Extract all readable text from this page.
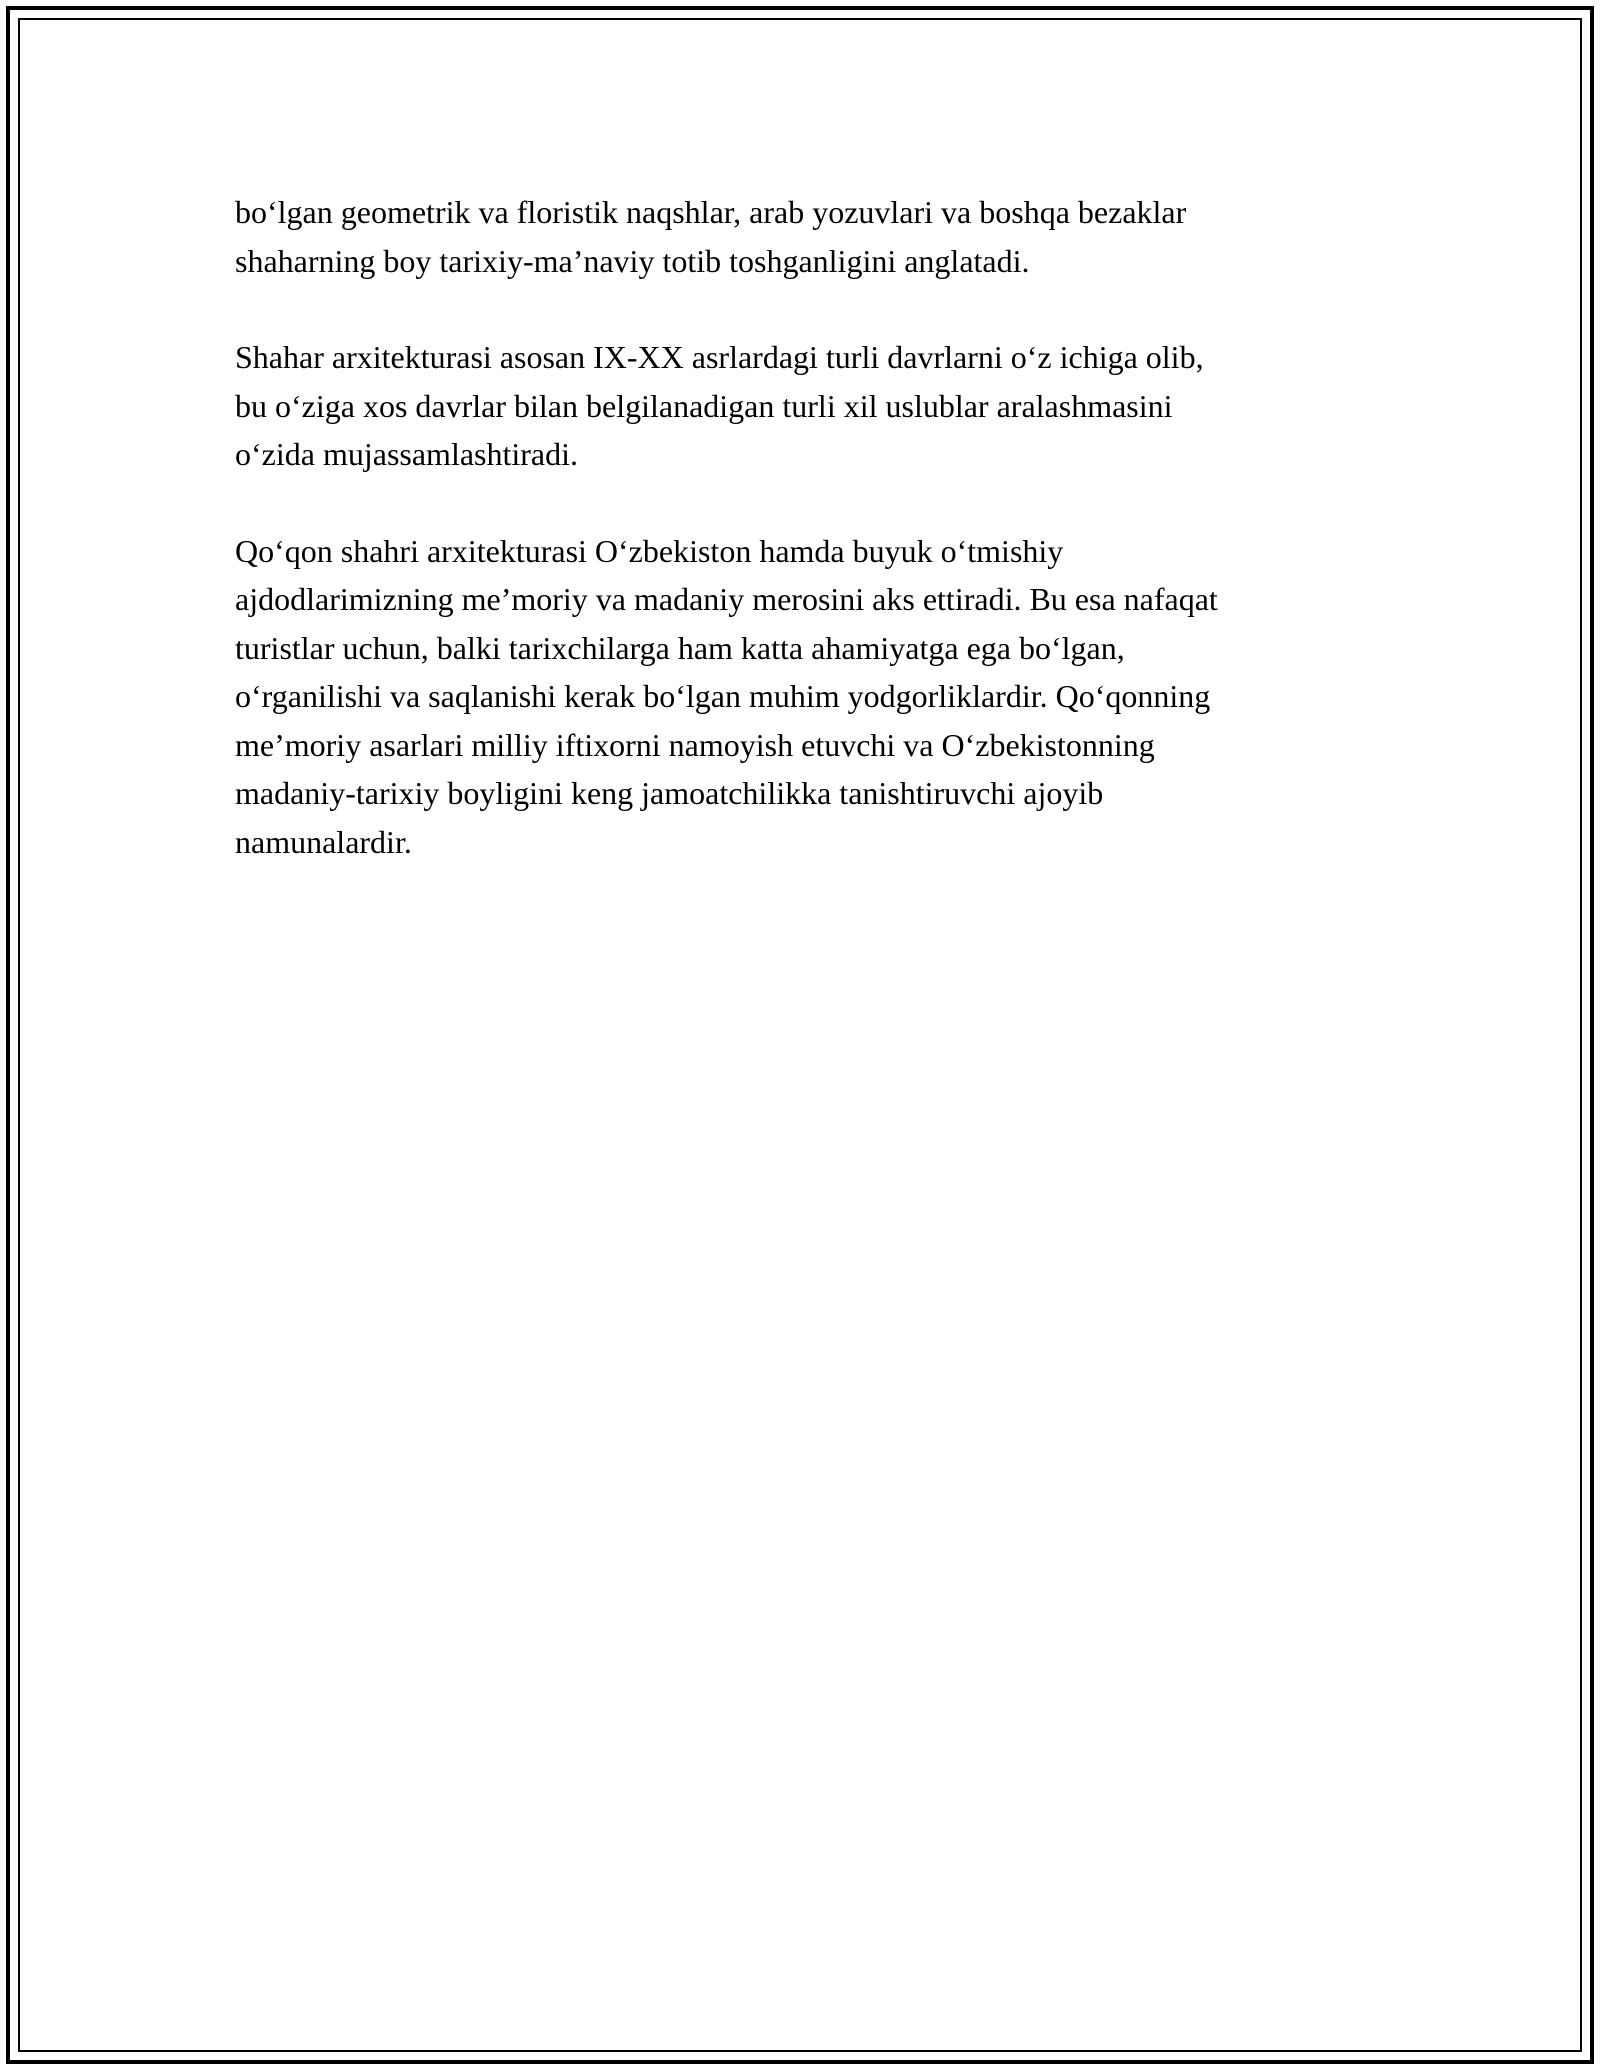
bo‘lgan geometrik va floristik naqshlar, arab yozuvlari va boshqa bezaklar
shaharning boy tarixiy-ma’naviy totib toshganligini anglatadi.

Shahar arxitekturasi asosan IX-XX asrlardagi turli davrlarni o‘z ichiga olib,
bu o‘ziga xos davrlar bilan belgilanadigan turli xil uslublar aralashmasini
o‘zida mujassamlashtiradi.

Qo‘qon shahri arxitekturasi O‘zbekiston hamda buyuk o‘tmishiy
ajdodlarimizning me’moriy va madaniy merosini aks ettiradi. Bu esa nafaqat
turistlar uchun, balki tarixchilarga ham katta ahamiyatga ega bo‘lgan,
o‘rganilishi va saqlanishi kerak bo‘lgan muhim yodgorliklardir. Qo‘qonning
me’moriy asarlari milliy iftixorni namoyish etuvchi va O‘zbekistonning
madaniy-tarixiy boyligini keng jamoatchilikka tanishtiruvchi ajoyib
namunalardir.
